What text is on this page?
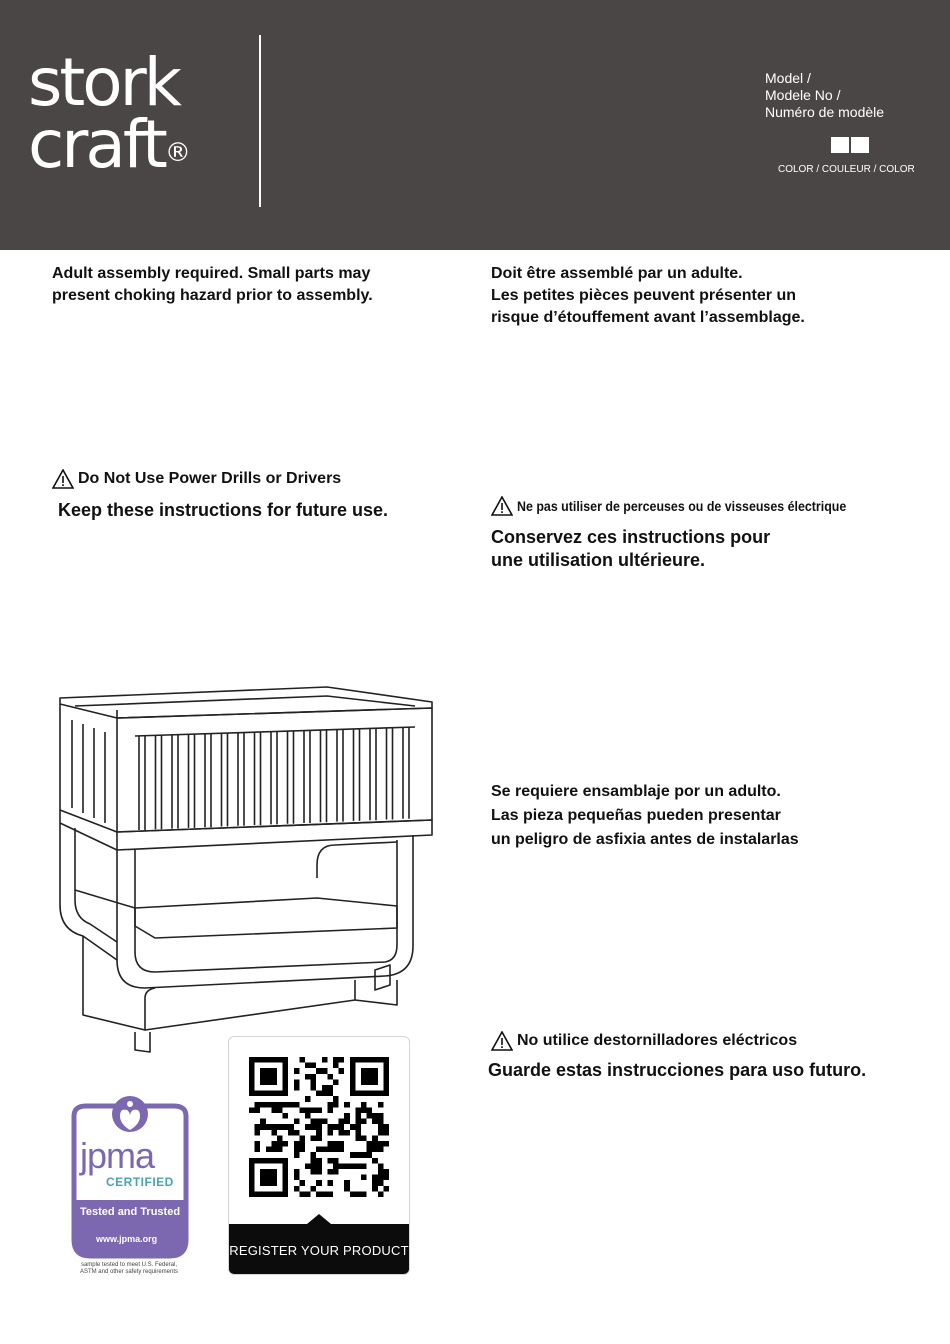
stork
craft®
Model /
Modele No /
Numéro de modèle
COLOR / COULEUR / COLOR
Adult assembly required. Small parts may
present choking hazard prior to assembly.
Do Not Use Power Drills or Drivers
Keep these instructions for future use.
Doit être assemblé par un adulte.
Les petites pièces peuvent présenter un
risque d’étouffement avant l’assemblage.
Ne pas utiliser de perceuses ou de visseuses électrique
Conservez ces instructions pour
une utilisation ultérieure.
Se requiere ensamblaje por un adulto.
Las pieza pequeñas pueden presentar
un peligro de asfixia antes de instalarlas
No utilice destornilladores eléctricos
Guarde estas instrucciones para uso futuro.
jpma
CERTIFIED
Tested and Trusted
www.jpma.org
sample tested to meet U.S. Federal,
ASTM and other safety requirements
REGISTER YOUR PRODUCT
